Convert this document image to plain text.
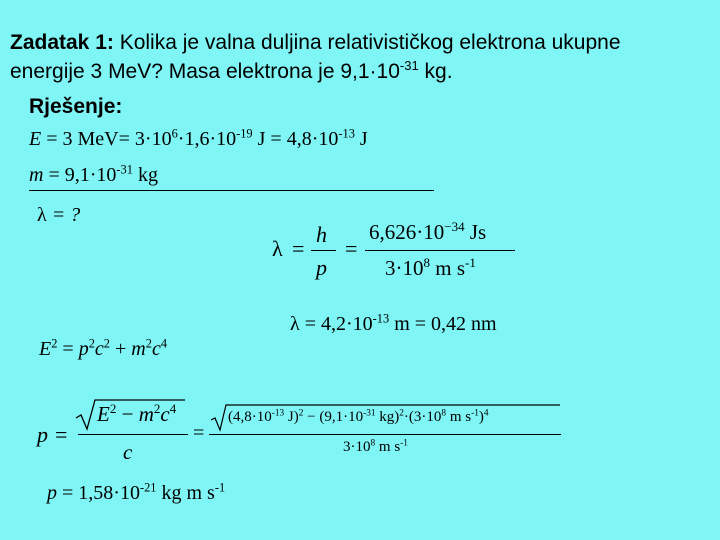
Zadatak 1: Kolika je valna duljina relativističkog elektrona ukupne
energije 3 MeV? Masa elektrona je $9,1\cdot 10^{-31}$ kg.
Rješenje:
E = 3 $MeV= 3\cdot 10^6\cdot 1,6\cdot 10^{-19}$ $J = 4,8\cdot 10^{-13}$ J
$m = 9,1\cdot 10^{-31}$ kg
λ = ?
λ =
h
p
=
$6,626\cdot 10^{-34}$ Js
$3\cdot 10^8$ m $s^{-1}$
$\lambda = 4,2\cdot 10^{-13}$ m = 0,42 nm
$E^2 = p^2c^2 + m^2c^4$
p =
$E^2 - m^2c^4$
c
=
($4,8\cdot 10^{-13}$ $J)^2 - (9,1\cdot 10^{-31}$ $kg)^2\cdot(3\cdot 10^8$ m $s^{-1})^4$
$3\cdot 10^8$ m $s^{-1}$
$p = 1,58\cdot 10^{-21}$ kg m $s^{-1}$
